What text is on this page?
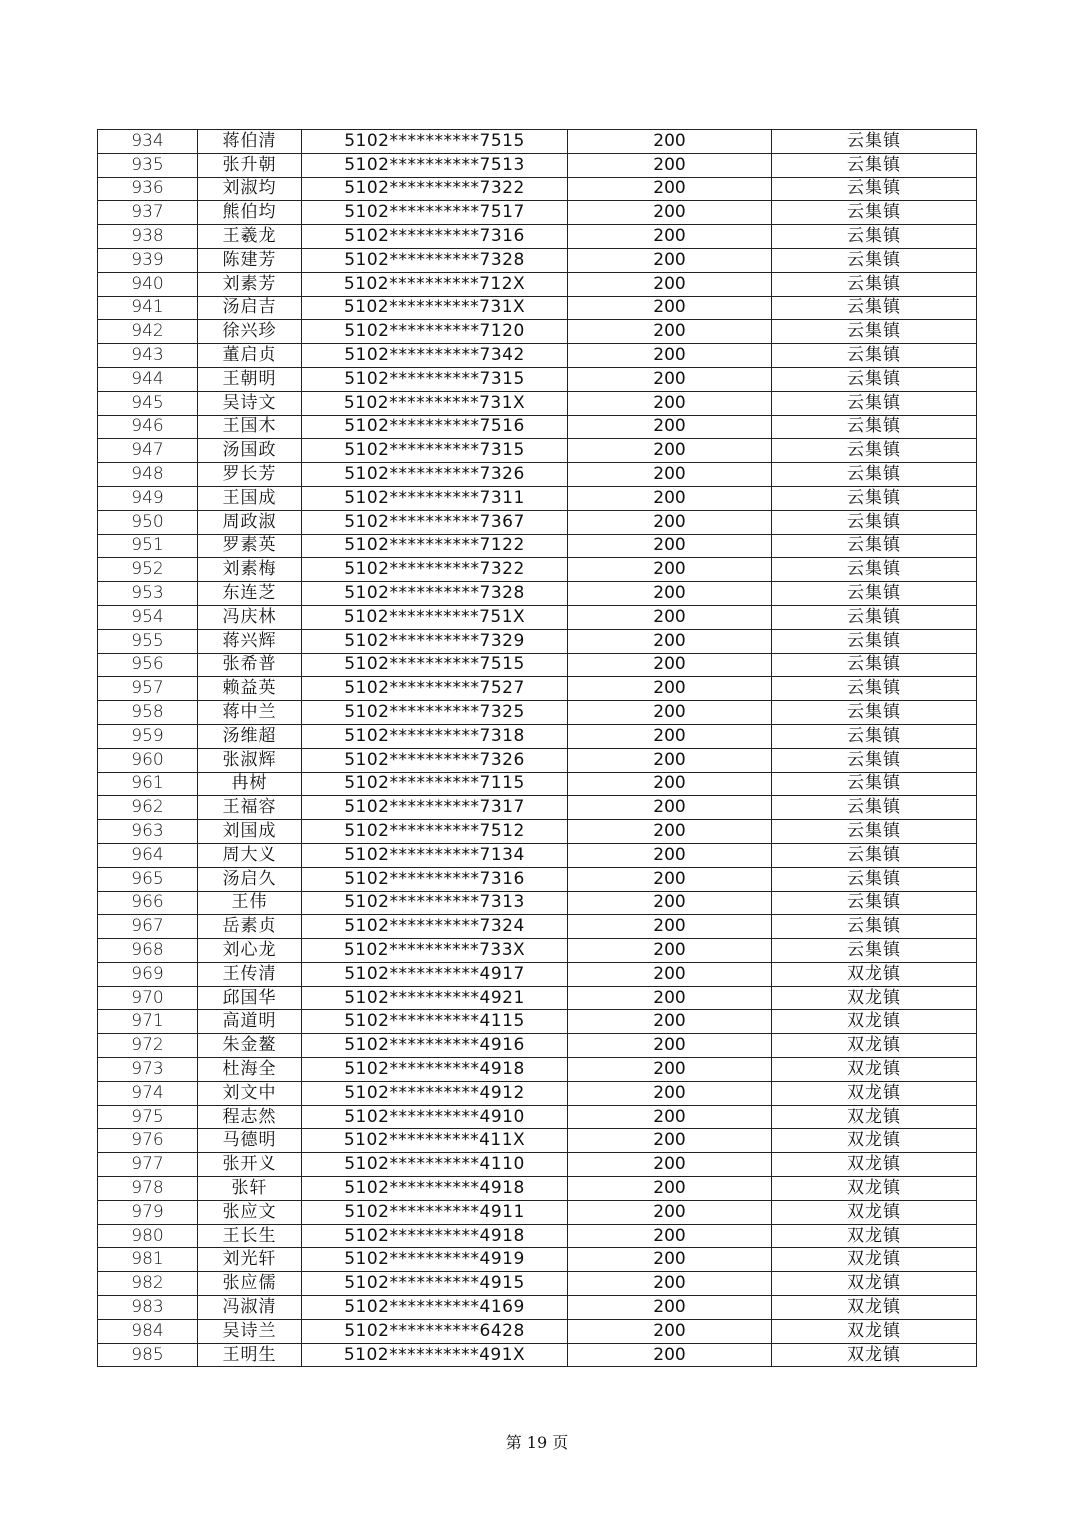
934	蒋伯清	5102**********7515	200	云集镇
935	张升朝	5102**********7513	200	云集镇
936	刘淑均	5102**********7322	200	云集镇
937	熊伯均	5102**********7517	200	云集镇
938	王羲龙	5102**********7316	200	云集镇
939	陈建芳	5102**********7328	200	云集镇
940	刘素芳	5102**********712X	200	云集镇
941	汤启吉	5102**********731X	200	云集镇
942	徐兴珍	5102**********7120	200	云集镇
943	董启贞	5102**********7342	200	云集镇
944	王朝明	5102**********7315	200	云集镇
945	吴诗文	5102**********731X	200	云集镇
946	王国木	5102**********7516	200	云集镇
947	汤国政	5102**********7315	200	云集镇
948	罗长芳	5102**********7326	200	云集镇
949	王国成	5102**********7311	200	云集镇
950	周政淑	5102**********7367	200	云集镇
951	罗素英	5102**********7122	200	云集镇
952	刘素梅	5102**********7322	200	云集镇
953	东连芝	5102**********7328	200	云集镇
954	冯庆林	5102**********751X	200	云集镇
955	蒋兴辉	5102**********7329	200	云集镇
956	张希普	5102**********7515	200	云集镇
957	赖益英	5102**********7527	200	云集镇
958	蒋中兰	5102**********7325	200	云集镇
959	汤维超	5102**********7318	200	云集镇
960	张淑辉	5102**********7326	200	云集镇
961	冉树	5102**********7115	200	云集镇
962	王福容	5102**********7317	200	云集镇
963	刘国成	5102**********7512	200	云集镇
964	周大义	5102**********7134	200	云集镇
965	汤启久	5102**********7316	200	云集镇
966	王伟	5102**********7313	200	云集镇
967	岳素贞	5102**********7324	200	云集镇
968	刘心龙	5102**********733X	200	云集镇
969	王传清	5102**********4917	200	双龙镇
970	邱国华	5102**********4921	200	双龙镇
971	高道明	5102**********4115	200	双龙镇
972	朱金鳌	5102**********4916	200	双龙镇
973	杜海全	5102**********4918	200	双龙镇
974	刘文中	5102**********4912	200	双龙镇
975	程志然	5102**********4910	200	双龙镇
976	马德明	5102**********411X	200	双龙镇
977	张开义	5102**********4110	200	双龙镇
978	张轩	5102**********4918	200	双龙镇
979	张应文	5102**********4911	200	双龙镇
980	王长生	5102**********4918	200	双龙镇
981	刘光轩	5102**********4919	200	双龙镇
982	张应儒	5102**********4915	200	双龙镇
983	冯淑清	5102**********4169	200	双龙镇
984	吴诗兰	5102**********6428	200	双龙镇
985	王明生	5102**********491X	200	双龙镇
第 19 页
